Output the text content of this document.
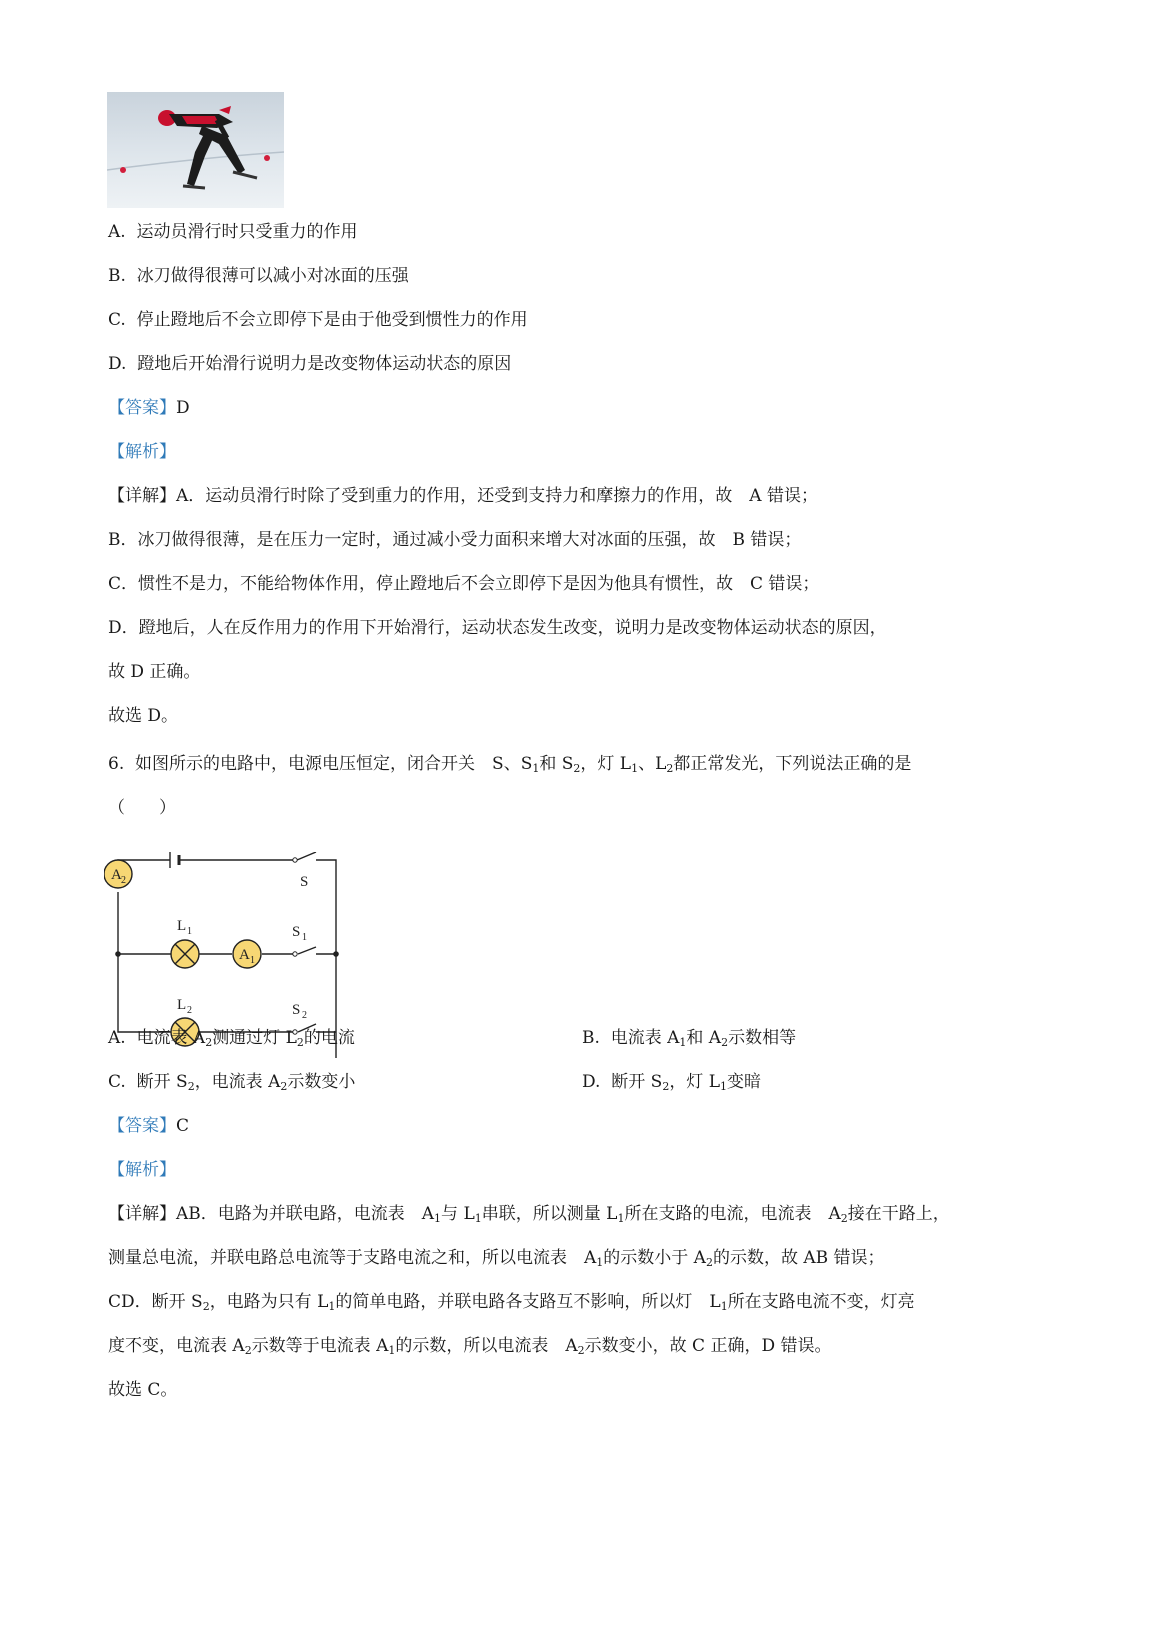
A. 运动员滑行时只受重力的作用
B. 冰刀做得很薄可以减小对冰面的压强
C. 停止蹬地后不会立即停下是由于他受到惯性力的作用
D. 蹬地后开始滑行说明力是改变物体运动状态的原因
【答案】D
【解析】
【详解】A．运动员滑行时除了受到重力的作用，还受到支持力和摩擦力的作用，故　A 错误；
B．冰刀做得很薄，是在压力一定时，通过减小受力面积来增大对冰面的压强，故　B 错误；
C．惯性不是力，不能给物体作用，停止蹬地后不会立即停下是因为他具有惯性，故　C 错误；
D．蹬地后，人在反作用力的作用下开始滑行，运动状态发生改变，说明力是改变物体运动状态的原因，
故 D 正确。
故选 D。
6. 如图所示的电路中，电源电压恒定，闭合开关　S、$S_1$和 $S_2$，灯 $L_1$、$L_2$都正常发光，下列说法正确的是
（　　）
A 2
L 1
A 1
L 2
S
S 1
S 2
A. 电流表 $A_2$测通过灯 $L_2$的电流	B. 电流表 $A_1$和 $A_2$示数相等
C. 断开 $S_2$，电流表 $A_2$示数变小	D. 断开 $S_2$，灯 $L_1$变暗
【答案】C
【解析】
【详解】AB．电路为并联电路，电流表　$A_1$与 $L_1$串联，所以测量 $L_1$所在支路的电流，电流表　$A_2$接在干路上，
测量总电流，并联电路总电流等于支路电流之和，所以电流表　$A_1$的示数小于 $A_2$的示数，故 AB 错误；
CD．断开 $S_2$，电路为只有 $L_1$的简单电路，并联电路各支路互不影响，所以灯　$L_1$所在支路电流不变，灯亮
度不变，电流表 $A_2$示数等于电流表 $A_1$的示数，所以电流表　$A_2$示数变小，故 C 正确，D 错误。
故选 C。
